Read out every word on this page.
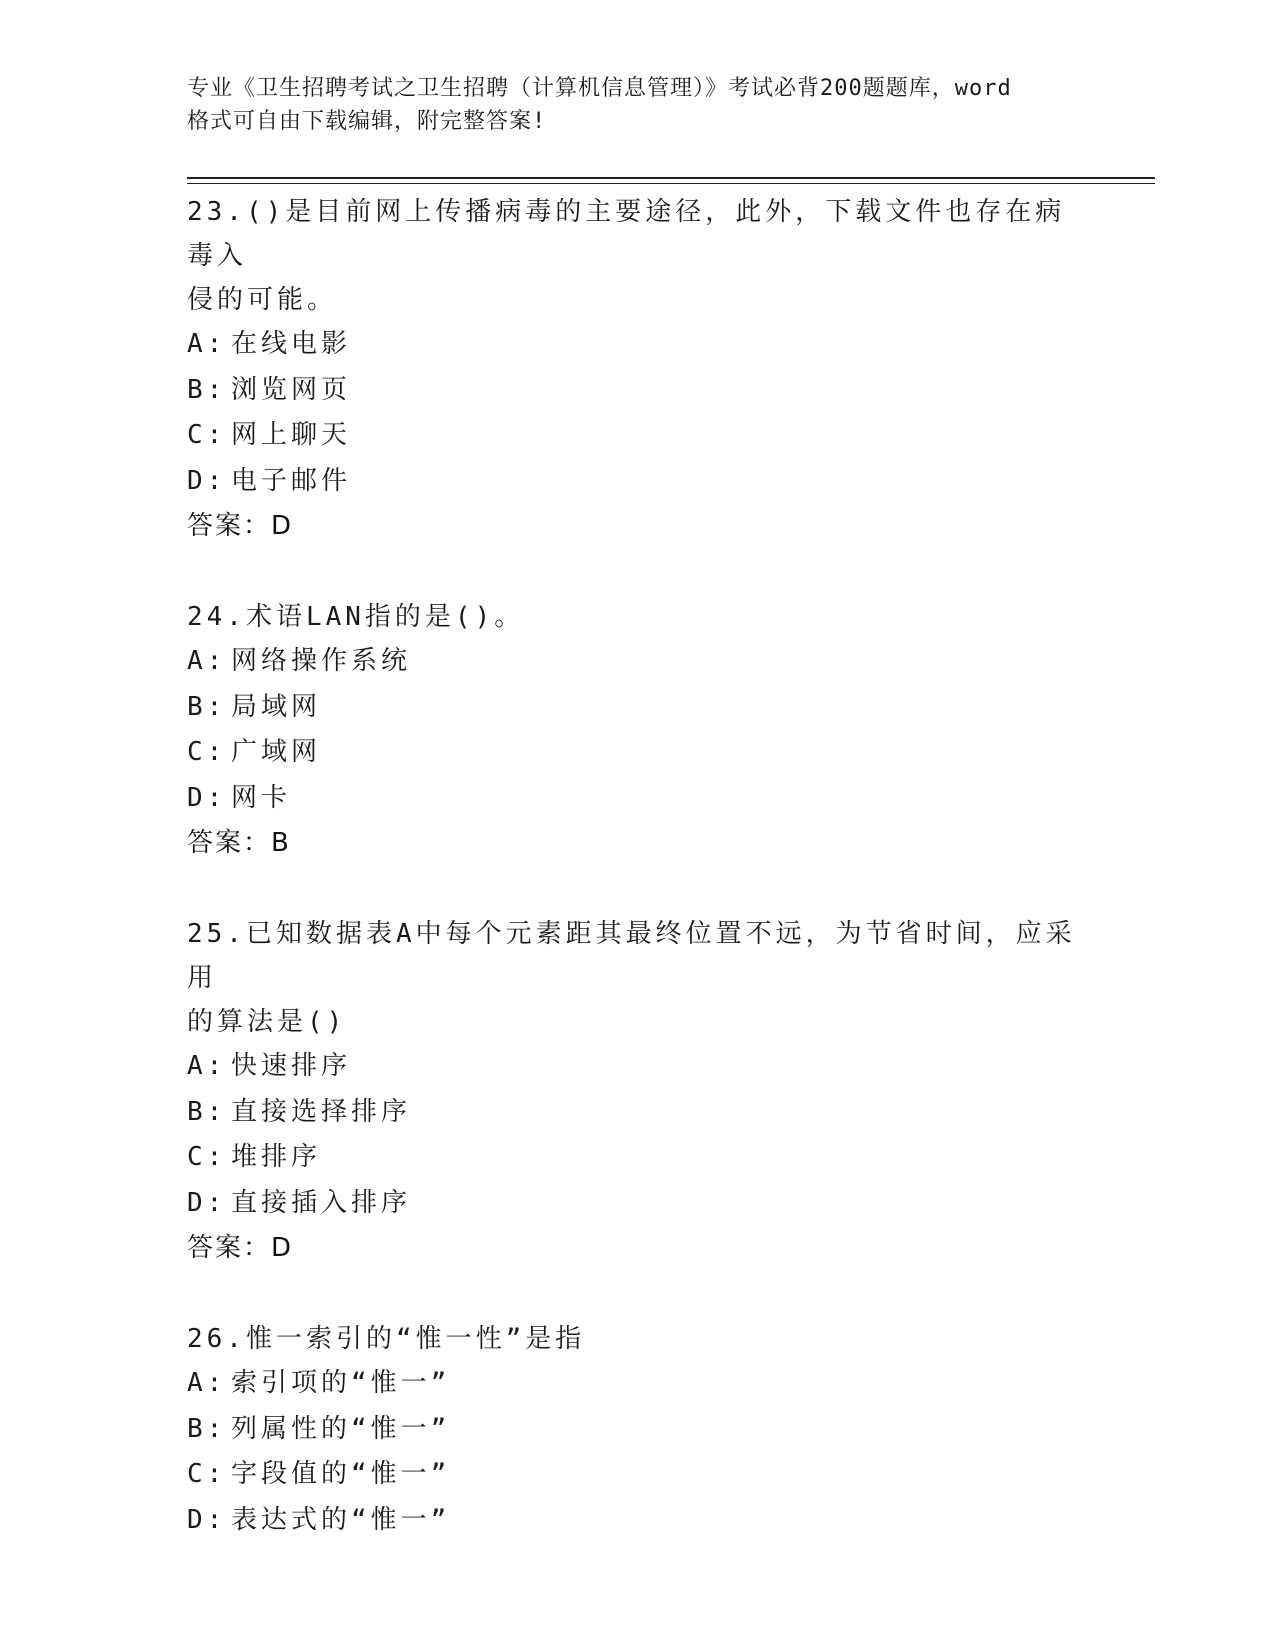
专业《卫生招聘考试之卫生招聘（计算机信息管理）》考试必背200题题库，word
格式可自由下载编辑，附完整答案!

23.()是目前网上传播病毒的主要途径，此外，下载文件也存在病毒入

侵的可能。

A: 在线电影

B: 浏览网页

C: 网上聊天

D: 电子邮件

答案：D

24.术语LAN指的是()。

A: 网络操作系统

B: 局域网

C: 广域网

D: 网卡

答案：B

25.已知数据表A中每个元素距其最终位置不远，为节省时间，应采用

的算法是()

A: 快速排序

B: 直接选择排序

C: 堆排序

D: 直接插入排序

答案：D

26.惟一索引的“惟一性”是指

A: 索引项的“惟一”

B: 列属性的“惟一”

C: 字段值的“惟一”

D: 表达式的“惟一”
